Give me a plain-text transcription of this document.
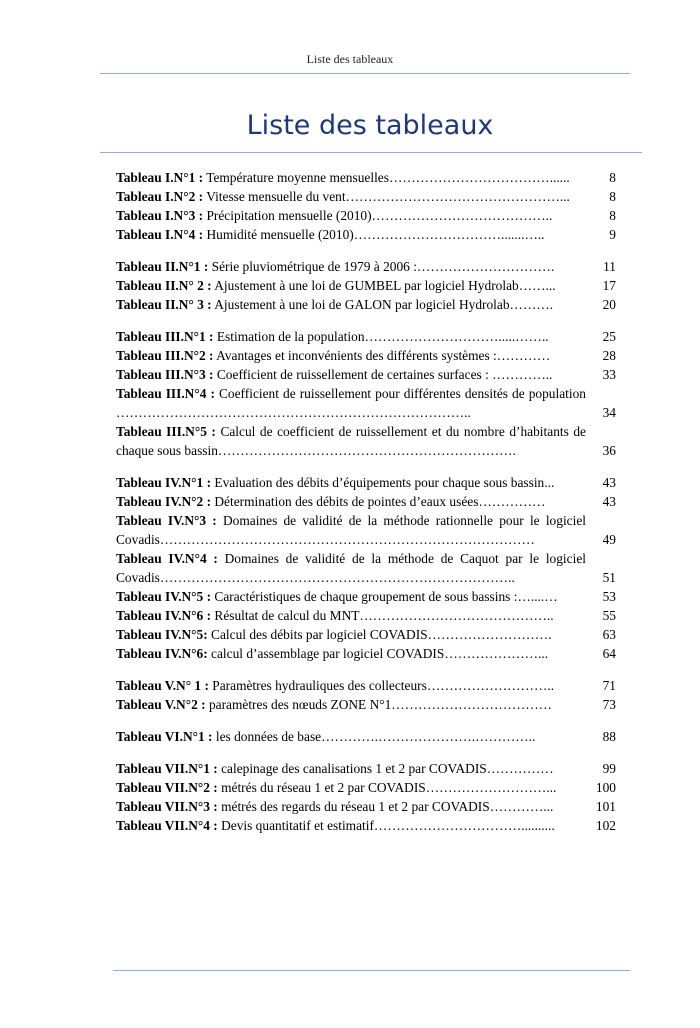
Liste des tableaux
Liste des tableaux
Tableau I.N°1 : Température moyenne mensuelles………………………………......	8
Tableau I.N°2 : Vitesse mensuelle du vent…………………………………………...	8
Tableau I.N°3 : Précipitation mensuelle (2010)…………………………………..	8
Tableau I.N°4 : Humidité mensuelle (2010)…………………………….......…..	9
Tableau II.N°1 : Série pluviométrique de 1979 à 2006 :………………………….	11
Tableau II.N° 2 : Ajustement à une loi de GUMBEL par logiciel Hydrolab……...	17
Tableau II.N° 3 : Ajustement à une loi de GALON par logiciel Hydrolab……….	20
Tableau III.N°1 : Estimation de la population………………………….....……..	25
Tableau III.N°2 : Avantages et inconvénients des différents systèmes :…………	28
Tableau III.N°3 : Coefficient de ruissellement de certaines surfaces : …………..	33
Tableau III.N°4 : Coefficient de ruissellement pour différentes densités de population ……………………………………………………………………..	34
Tableau III.N°5 : Calcul de coefficient de ruissellement et du nombre d’habitants de chaque sous bassin………………………………………………………….	36
Tableau IV.N°1 : Evaluation des débits d’équipements pour chaque sous bassin...	43
Tableau IV.N°2 : Détermination des débits de pointes d’eaux usées……………	43
Tableau IV.N°3 : Domaines de validité de la méthode rationnelle pour le logiciel Covadis…………………………………………………………………………	49
Tableau IV.N°4 : Domaines de validité de la méthode de Caquot par le logiciel Covadis……………………………………………………………………..	51
Tableau IV.N°5 : Caractéristiques de chaque groupement de sous bassins :…....…	53
Tableau IV.N°6 : Résultat de calcul du MNT……………………………………..	55
Tableau IV.N°5: Calcul des débits par logiciel COVADIS……………………….	63
Tableau IV.N°6: calcul d’assemblage par logiciel COVADIS…………………...	64
Tableau V.N° 1 : Paramètres hydrauliques des collecteurs………………………..	71
Tableau V.N°2 : paramètres des nœuds ZONE N°1………………………………	73
Tableau VI.N°1 : les données de base………….………………….…………..	88
Tableau VII.N°1 : calepinage des canalisations 1 et 2 par COVADIS……………	99
Tableau VII.N°2 : métrés du réseau 1 et 2 par COVADIS………………………...	100
Tableau VII.N°3 : métrés des regards du réseau 1 et 2 par COVADIS…………...	101
Tableau VII.N°4 : Devis quantitatif et estimatif……………………………..........	102
